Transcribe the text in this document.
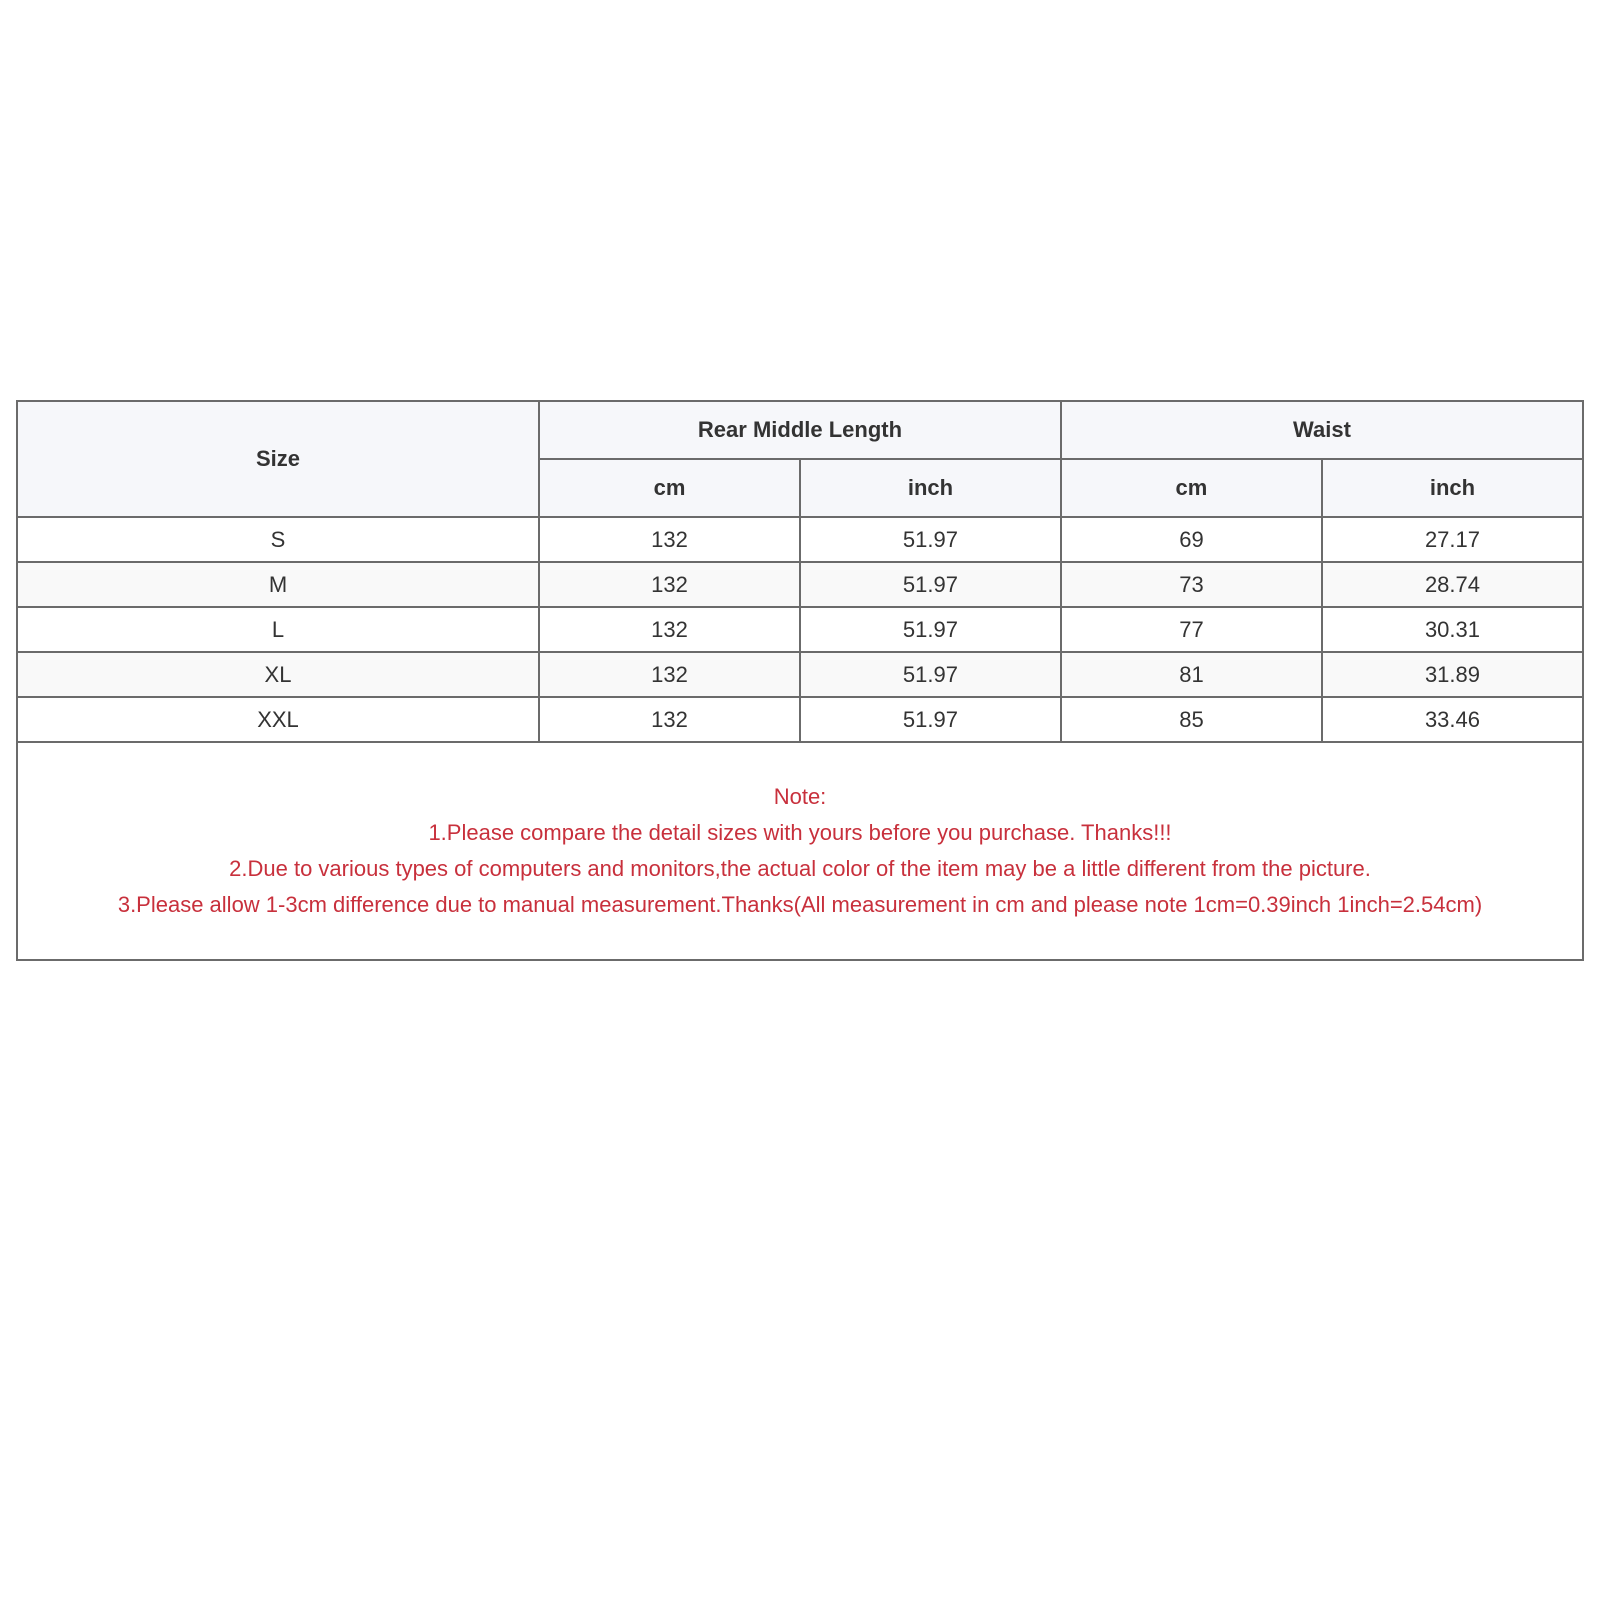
Size	Rear Middle Length		Waist	
	cm	inch	cm	inch
S	132	51.97	69	27.17
M	132	51.97	73	28.74
L	132	51.97	77	30.31
XL	132	51.97	81	31.89
XXL	132	51.97	85	33.46

Note:
1.Please compare the detail sizes with yours before you purchase. Thanks!!!
2.Due to various types of computers and monitors,the actual color of the item may be a little different from the picture.
3.Please allow 1-3cm difference due to manual measurement.Thanks(All measurement in cm and please note 1cm=0.39inch 1inch=2.54cm)				
